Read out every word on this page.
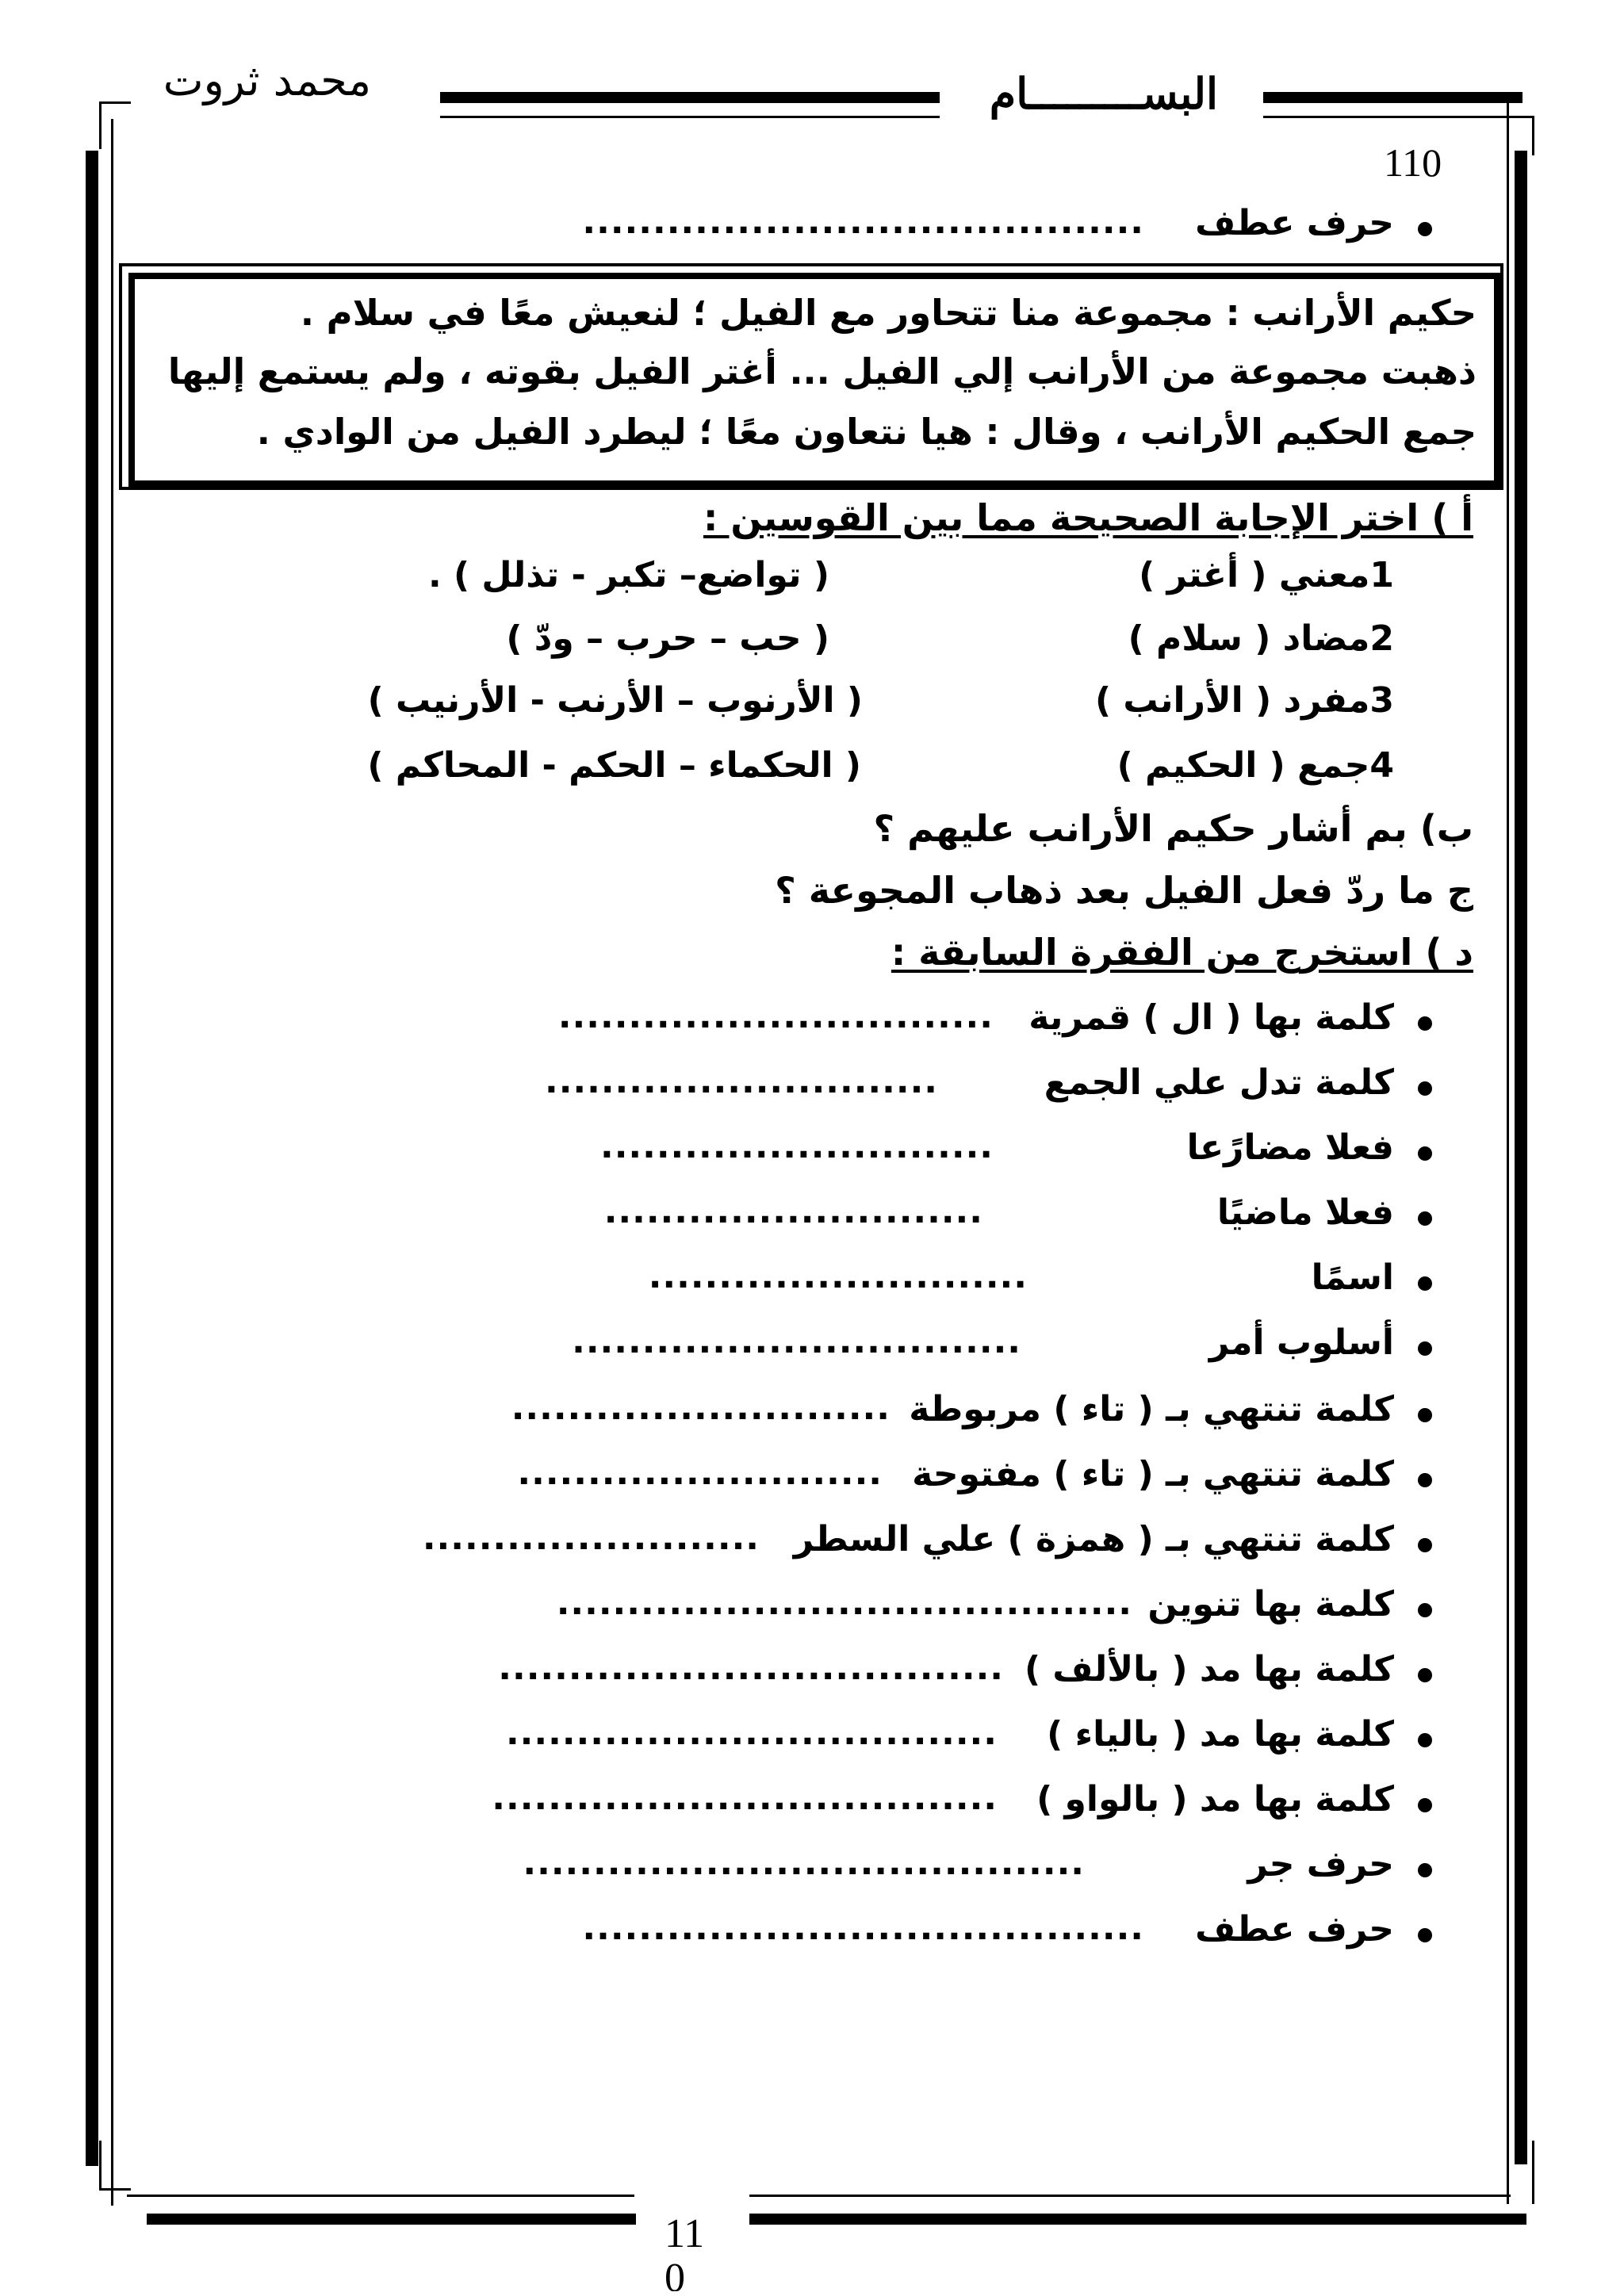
محمد ثروت	البســـــــــام
110
حرف عطف
........................................
حكيم الأرانب : مجموعة منا تتحاور مع الفيل ؛ لنعيش معًا في سلام .
ذهبت مجموعة من الأرانب إلي الفيل ... أغتر الفيل بقوته ، ولم يستمع إليها
جمع الحكيم الأرانب ، وقال : هيا نتعاون معًا ؛ ليطرد الفيل من الوادي .
أ ) اختر الإجابة الصحيحة مما بين القوسين :
1معني ( أغتر )
( تواضع– تكبر - تذلل ) .
2مضاد ( سلام )
( حب – حرب – ودّ )
3مفرد ( الأرانب )
( الأرنوب – الأرنب - الأرنيب )
4جمع ( الحكيم )
( الحكماء – الحكم - المحاكم )
ب) بم أشار حكيم الأرانب عليهم ؟
ج ما ردّ فعل الفيل بعد ذهاب المجوعة ؟
د ) استخرج من الفقرة السابقة :
كلمة بها ( ال ) قمرية
...............................
كلمة تدل علي الجمع
............................
فعلا مضارًعا
............................
فعلا ماضيًا
...........................
اسمًا
...........................
أسلوب أمر
................................
كلمة تنتهي بـ ( تاء ) مربوطة
...........................
كلمة تنتهي بـ ( تاء ) مفتوحة
..........................
كلمة تنتهي بـ ( همزة ) علي السطر
........................
كلمة بها تنوين
.........................................
كلمة بها مد ( بالألف )
....................................
كلمة بها مد ( بالياء )
...................................
كلمة بها مد ( بالواو )
....................................
حرف جر
........................................
حرف عطف
........................................
11
0
